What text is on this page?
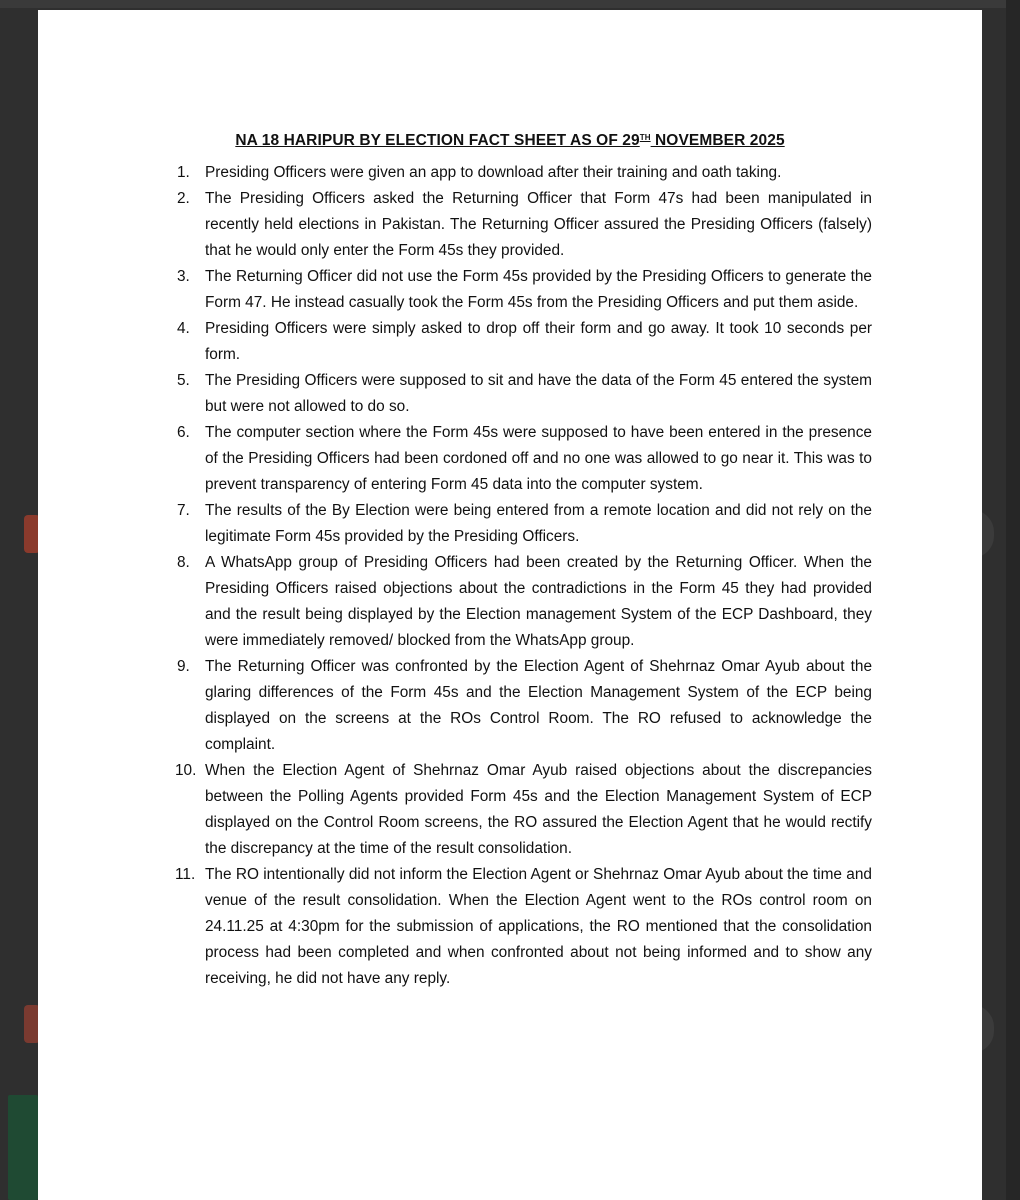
NA 18 HARIPUR BY ELECTION FACT SHEET AS OF 29TH NOVEMBER 2025
1. Presiding Officers were given an app to download after their training and oath taking.
2. The Presiding Officers asked the Returning Officer that Form 47s had been manipulated in recently held elections in Pakistan. The Returning Officer assured the Presiding Officers (falsely) that he would only enter the Form 45s they provided.
3. The Returning Officer did not use the Form 45s provided by the Presiding Officers to generate the Form 47. He instead casually took the Form 45s from the Presiding Officers and put them aside.
4. Presiding Officers were simply asked to drop off their form and go away. It took 10 seconds per form.
5. The Presiding Officers were supposed to sit and have the data of the Form 45 entered the system but were not allowed to do so.
6. The computer section where the Form 45s were supposed to have been entered in the presence of the Presiding Officers had been cordoned off and no one was allowed to go near it. This was to prevent transparency of entering Form 45 data into the computer system.
7. The results of the By Election were being entered from a remote location and did not rely on the legitimate Form 45s provided by the Presiding Officers.
8. A WhatsApp group of Presiding Officers had been created by the Returning Officer. When the Presiding Officers raised objections about the contradictions in the Form 45 they had provided and the result being displayed by the Election management System of the ECP Dashboard, they were immediately removed/ blocked from the WhatsApp group.
9. The Returning Officer was confronted by the Election Agent of Shehrnaz Omar Ayub about the glaring differences of the Form 45s and the Election Management System of the ECP being displayed on the screens at the ROs Control Room. The RO refused to acknowledge the complaint.
10. When the Election Agent of Shehrnaz Omar Ayub raised objections about the discrepancies between the Polling Agents provided Form 45s and the Election Management System of ECP displayed on the Control Room screens, the RO assured the Election Agent that he would rectify the discrepancy at the time of the result consolidation.
11. The RO intentionally did not inform the Election Agent or Shehrnaz Omar Ayub about the time and venue of the result consolidation. When the Election Agent went to the ROs control room on 24.11.25 at 4:30pm for the submission of applications, the RO mentioned that the consolidation process had been completed and when confronted about not being informed and to show any receiving, he did not have any reply.
